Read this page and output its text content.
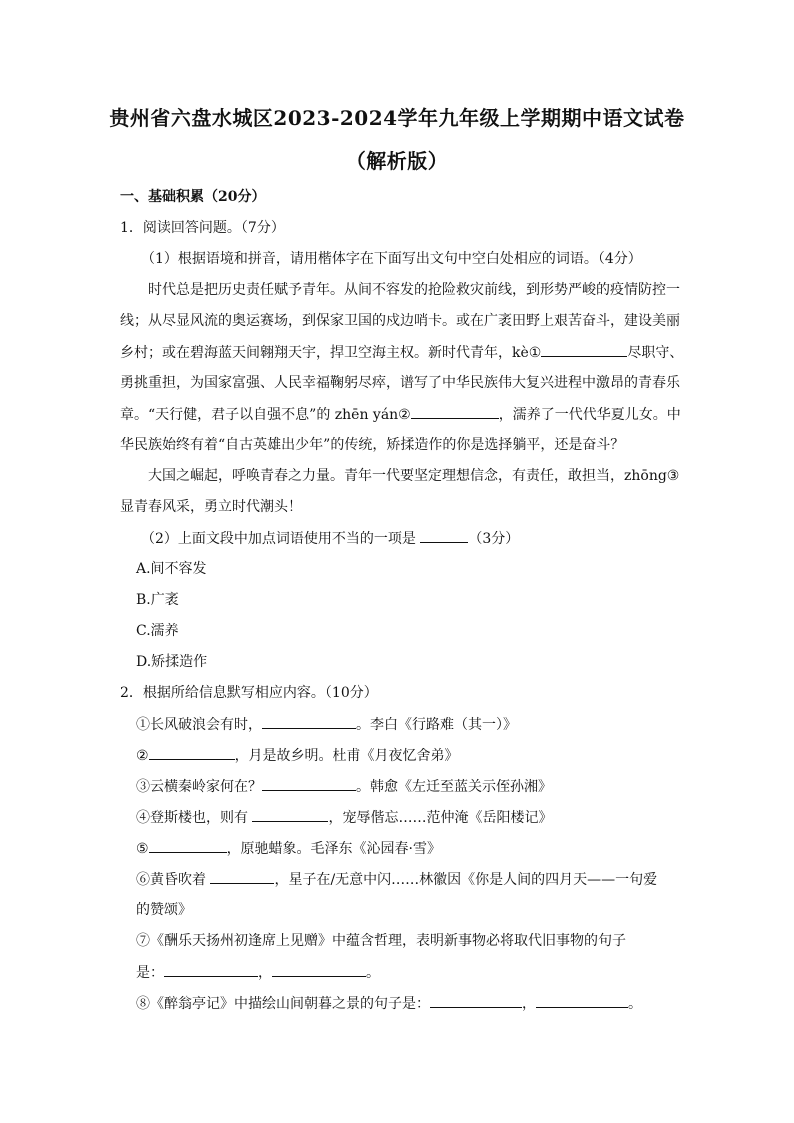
贵州省六盘水城区2023-2024学年九年级上学期期中语文试卷
（解析版）
一、基础积累（20分）
1．阅读回答问题。（7分）
（1）根据语境和拼音，请用楷体字在下面写出文句中空白处相应的词语。（4分）
时代总是把历史责任赋予青年。从间不容发的抢险救灾前线，到形势严峻的疫情防控一
线；从尽显风流的奥运赛场，到保家卫国的戍边哨卡。或在广袤田野上艰苦奋斗，建设美丽
乡村；或在碧海蓝天间翱翔天宇，捍卫空海主权。新时代青年，kè①	尽职守、
勇挑重担，为国家富强、人民幸福鞠躬尽瘁，谱写了中华民族伟大复兴进程中激昂的青春乐
章。“天行健，君子以自强不息”的 zhēn yán②	，濡养了一代代华夏儿女。中
华民族始终有着“自古英雄出少年”的传统，矫揉造作的你是选择躺平，还是奋斗？
大国之崛起，呼唤青春之力量。青年一代要坚定理想信念，有责任，敢担当，zhōng③
显青春风采，勇立时代潮头！
（2）上面文段中加点词语使用不当的一项是	（3分）
A.间不容发
B.广袤
C.濡养
D.矫揉造作
2．根据所给信息默写相应内容。（10分）
①长风破浪会有时，	。李白《行路难（其一）》
②	，月是故乡明。杜甫《月夜忆舍弟》
③云横秦岭家何在？	。韩愈《左迁至蓝关示侄孙湘》
④登斯楼也，则有	，宠辱偕忘……范仲淹《岳阳楼记》
⑤	，原驰蜡象。毛泽东《沁园春·雪》
⑥黄昏吹着	，星子在/无意中闪……林徽因《你是人间的四月天——一句爱
的赞颂》
⑦《酬乐天扬州初逢席上见赠》中蕴含哲理，表明新事物必将取代旧事物的句子
是：	，	。
⑧《醉翁亭记》中描绘山间朝暮之景的句子是：	，	。
